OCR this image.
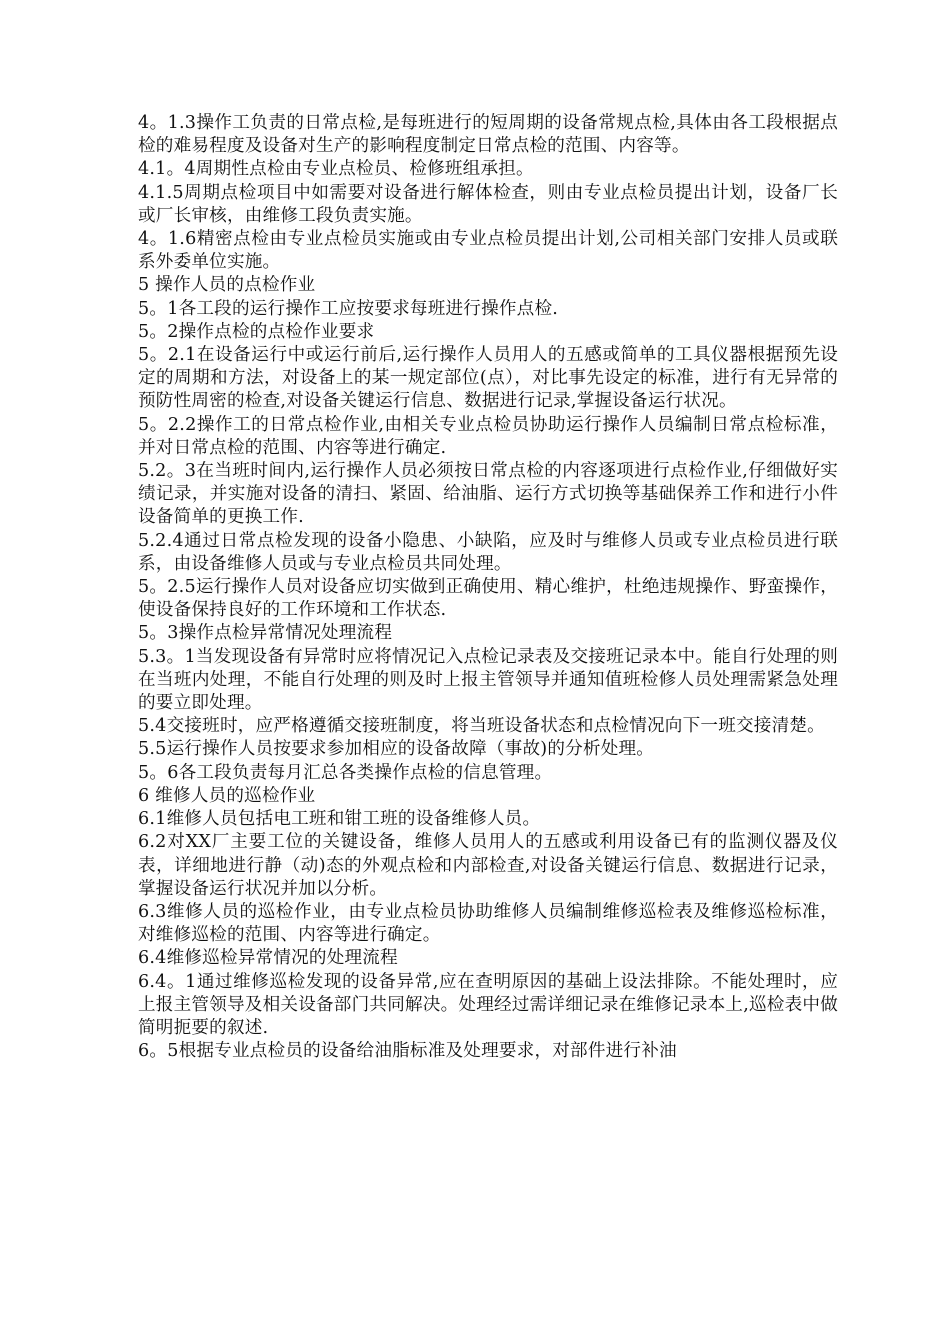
4。1.3操作工负责的日常点检,是每班进行的短周期的设备常规点检,具体由各工段根据点检的难易程度及设备对生产的影响程度制定日常点检的范围、内容等。

4.1。4周期性点检由专业点检员、检修班组承担。

4.1.5周期点检项目中如需要对设备进行解体检查，则由专业点检员提出计划，设备厂长或厂长审核，由维修工段负责实施。

4。1.6精密点检由专业点检员实施或由专业点检员提出计划,公司相关部门安排人员或联系外委单位实施。

5 操作人员的点检作业

5。1各工段的运行操作工应按要求每班进行操作点检.

5。2操作点检的点检作业要求

5。2.1在设备运行中或运行前后,运行操作人员用人的五感或简单的工具仪器根据预先设定的周期和方法，对设备上的某一规定部位(点），对比事先设定的标准，进行有无异常的预防性周密的检查,对设备关键运行信息、数据进行记录,掌握设备运行状况。

5。2.2操作工的日常点检作业,由相关专业点检员协助运行操作人员编制日常点检标准，并对日常点检的范围、内容等进行确定.

5.2。3在当班时间内,运行操作人员必须按日常点检的内容逐项进行点检作业,仔细做好实绩记录，并实施对设备的清扫、紧固、给油脂、运行方式切换等基础保养工作和进行小件设备简单的更换工作.

5.2.4通过日常点检发现的设备小隐患、小缺陷，应及时与维修人员或专业点检员进行联系，由设备维修人员或与专业点检员共同处理。

5。2.5运行操作人员对设备应切实做到正确使用、精心维护，杜绝违规操作、野蛮操作，使设备保持良好的工作环境和工作状态.

5。3操作点检异常情况处理流程

5.3。1当发现设备有异常时应将情况记入点检记录表及交接班记录本中。能自行处理的则在当班内处理，不能自行处理的则及时上报主管领导并通知值班检修人员处理需紧急处理的要立即处理。

5.4交接班时，应严格遵循交接班制度，将当班设备状态和点检情况向下一班交接清楚。

5.5运行操作人员按要求参加相应的设备故障（事故)的分析处理。

5。6各工段负责每月汇总各类操作点检的信息管理。

6 维修人员的巡检作业

6.1维修人员包括电工班和钳工班的设备维修人员。

6.2对XX厂主要工位的关键设备，维修人员用人的五感或利用设备已有的监测仪器及仪表，详细地进行静（动)态的外观点检和内部检查,对设备关键运行信息、数据进行记录，掌握设备运行状况并加以分析。

6.3维修人员的巡检作业，由专业点检员协助维修人员编制维修巡检表及维修巡检标准，对维修巡检的范围、内容等进行确定。

6.4维修巡检异常情况的处理流程

6.4。1通过维修巡检发现的设备异常,应在查明原因的基础上设法排除。不能处理时，应上报主管领导及相关设备部门共同解决。处理经过需详细记录在维修记录本上,巡检表中做简明扼要的叙述.

6。5根据专业点检员的设备给油脂标准及处理要求，对部件进行补油
